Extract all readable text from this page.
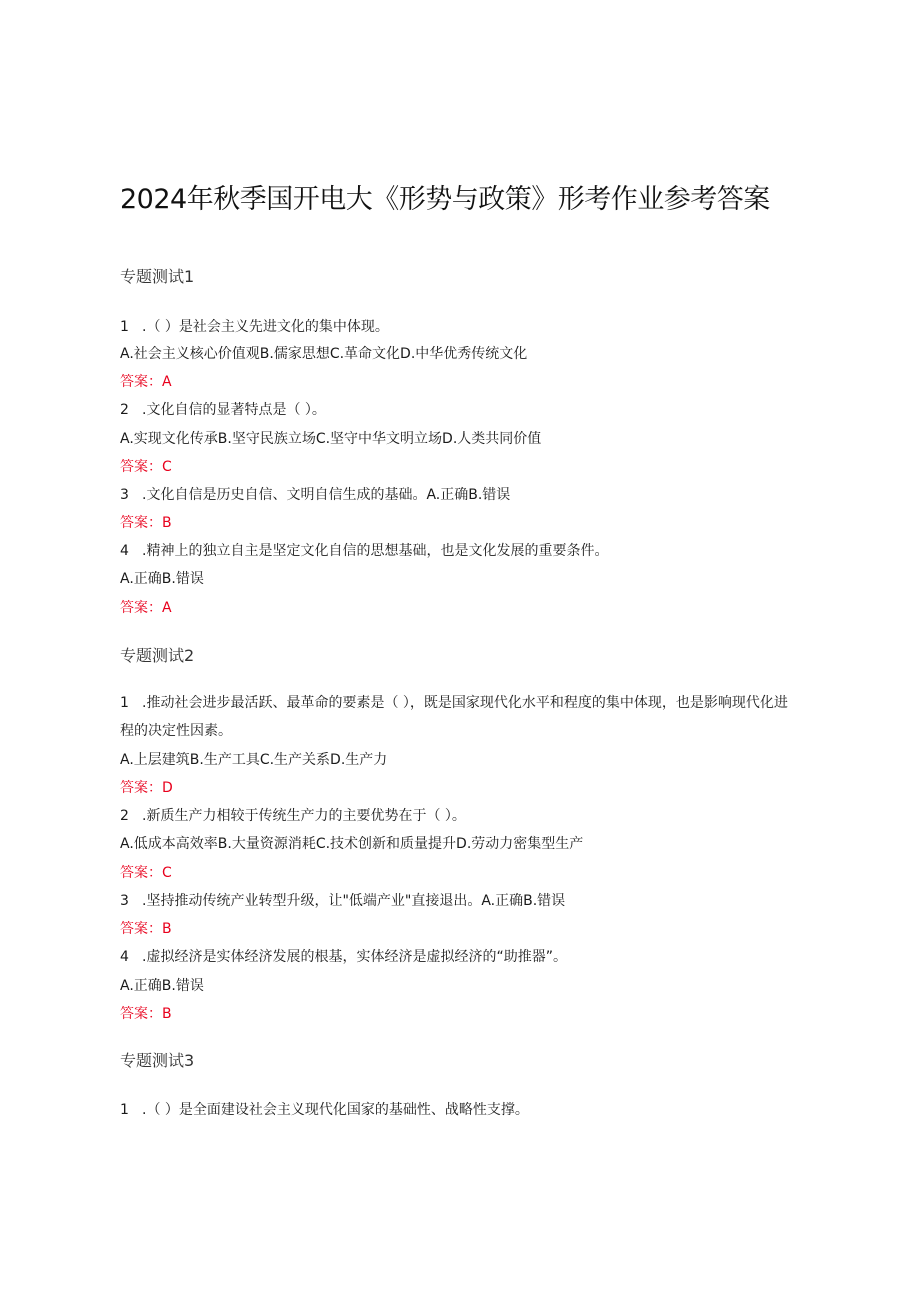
2024年秋季国开电大《形势与政策》形考作业参考答案
专题测试1
1 .（ ）是社会主义先进文化的集中体现。
A.社会主义核心价值观B.儒家思想C.革命文化D.中华优秀传统文化
答案：A
2 .文化自信的显著特点是（ ）。
A.实现文化传承B.坚守民族立场C.坚守中华文明立场D.人类共同价值
答案：C
3 .文化自信是历史自信、文明自信生成的基础。A.正确B.错误
答案：B
4 .精神上的独立自主是坚定文化自信的思想基础，也是文化发展的重要条件。
A.正确B.错误
答案：A
专题测试2
1 .推动社会进步最活跃、最革命的要素是（ ），既是国家现代化水平和程度的集中体现，也是影响现代化进程的决定性因素。
A.上层建筑B.生产工具C.生产关系D.生产力
答案：D
2 .新质生产力相较于传统生产力的主要优势在于（ ）。
A.低成本高效率B.大量资源消耗C.技术创新和质量提升D.劳动力密集型生产
答案：C
3 .坚持推动传统产业转型升级，让"低端产业"直接退出。A.正确B.错误
答案：B
4 .虚拟经济是实体经济发展的根基，实体经济是虚拟经济的“助推器”。
A.正确B.错误
答案：B
专题测试3
1 .（ ）是全面建设社会主义现代化国家的基础性、战略性支撑。
